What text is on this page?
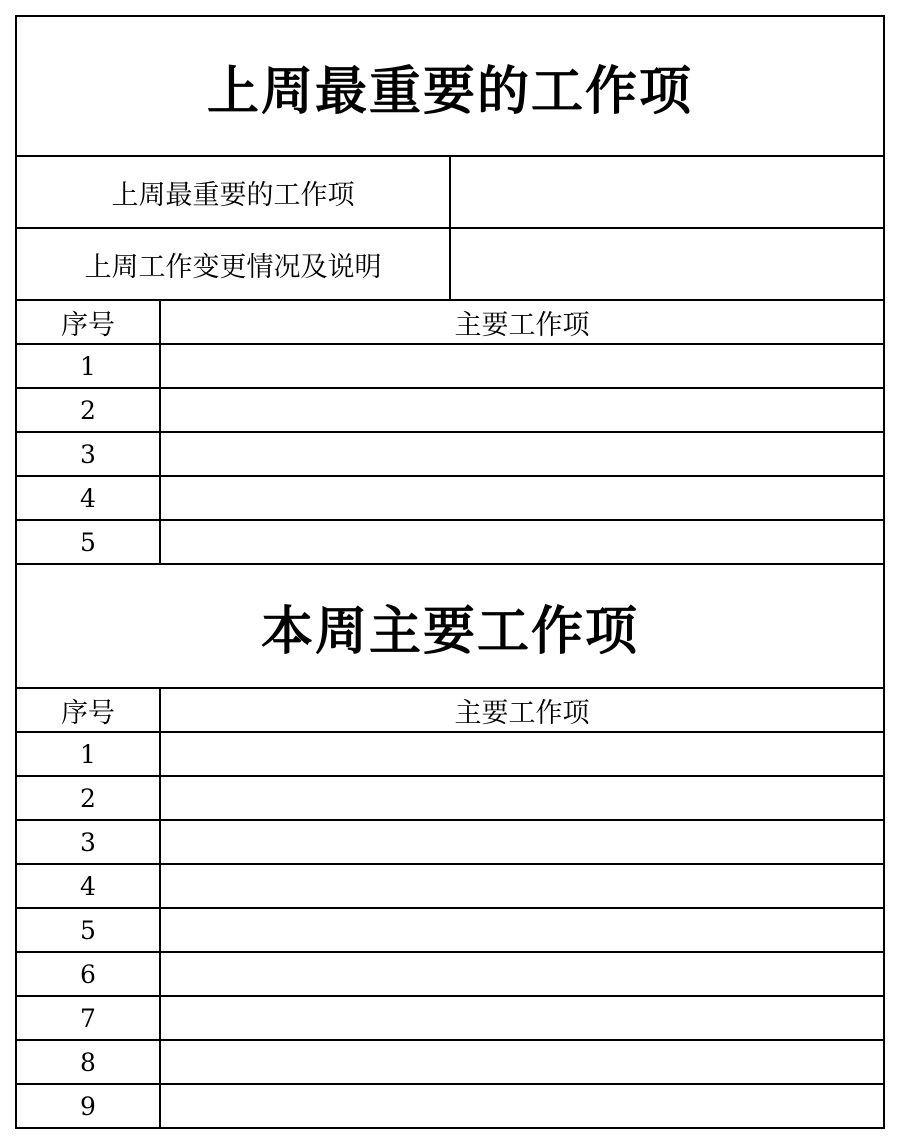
上周最重要的工作项		
上周最重要的工作项		
上周工作变更情况及说明		
序号	主要工作项	
1		
2		
3		
4		
5		
本周主要工作项		
序号	主要工作项	
1		
2		
3		
4		
5		
6		
7		
8		
9		
